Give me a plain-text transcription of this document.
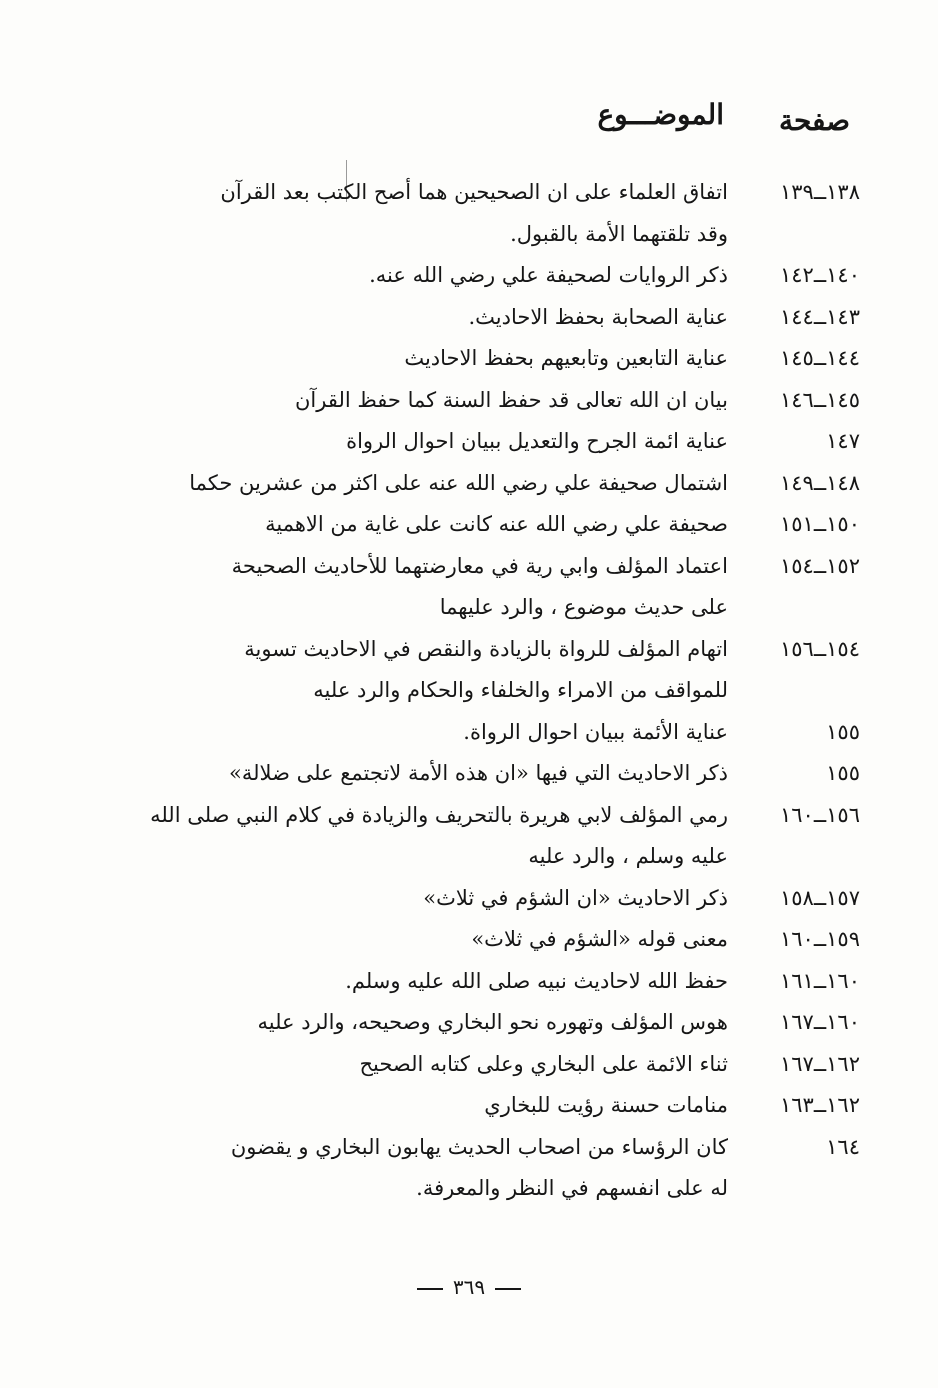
صفحة
الموضـــوع
١٣٨ــ١٣٩
اتفاق العلماء على ان الصحيحين هما أصح الكتب بعد القرآن
وقد تلقتهما الأمة بالقبول.
١٤٠ــ١٤٢
ذكر الروايات لصحيفة علي رضي الله عنه.
١٤٣ــ١٤٤
عناية الصحابة بحفظ الاحاديث.
١٤٤ــ١٤٥
عناية التابعين وتابعيهم بحفظ الاحاديث
١٤٥ــ١٤٦
بيان ان الله تعالى قد حفظ السنة كما حفظ القرآن
١٤٧
عناية ائمة الجرح والتعديل ببيان احوال الرواة
١٤٨ــ١٤٩
اشتمال صحيفة علي رضي الله عنه على اكثر من عشرين حكما
١٥٠ــ١٥١
صحيفة علي رضي الله عنه كانت على غاية من الاهمية
١٥٢ــ١٥٤
اعتماد المؤلف وابي رية في معارضتهما للأحاديث الصحيحة
على حديث موضوع ، والرد عليهما
١٥٤ــ١٥٦
اتهام المؤلف للرواة بالزيادة والنقص في الاحاديث تسوية
للمواقف من الامراء والخلفاء والحكام والرد عليه
١٥٥
عناية الأئمة ببيان احوال الرواة.
١٥٥
ذكر الاحاديث التي فيها «ان هذه الأمة لاتجتمع على ضلالة»
١٥٦ــ١٦٠
رمي المؤلف لابي هريرة بالتحريف والزيادة في كلام النبي صلى الله
عليه وسلم ، والرد عليه
١٥٧ــ١٥٨
ذكر الاحاديث «ان الشؤم في ثلاث»
١٥٩ــ١٦٠
معنى قوله «الشؤم في ثلاث»
١٦٠ــ١٦١
حفظ الله لاحاديث نبيه صلى الله عليه وسلم.
١٦٠ــ١٦٧
هوس المؤلف وتهوره نحو البخاري وصحيحه، والرد عليه
١٦٢ــ١٦٧
ثناء الائمة على البخاري وعلى كتابه الصحيح
١٦٢ــ١٦٣
منامات حسنة رؤيت للبخاري
١٦٤
كان الرؤساء من اصحاب الحديث يهابون البخاري و يقضون
له على انفسهم في النظر والمعرفة.
٣٦٩
